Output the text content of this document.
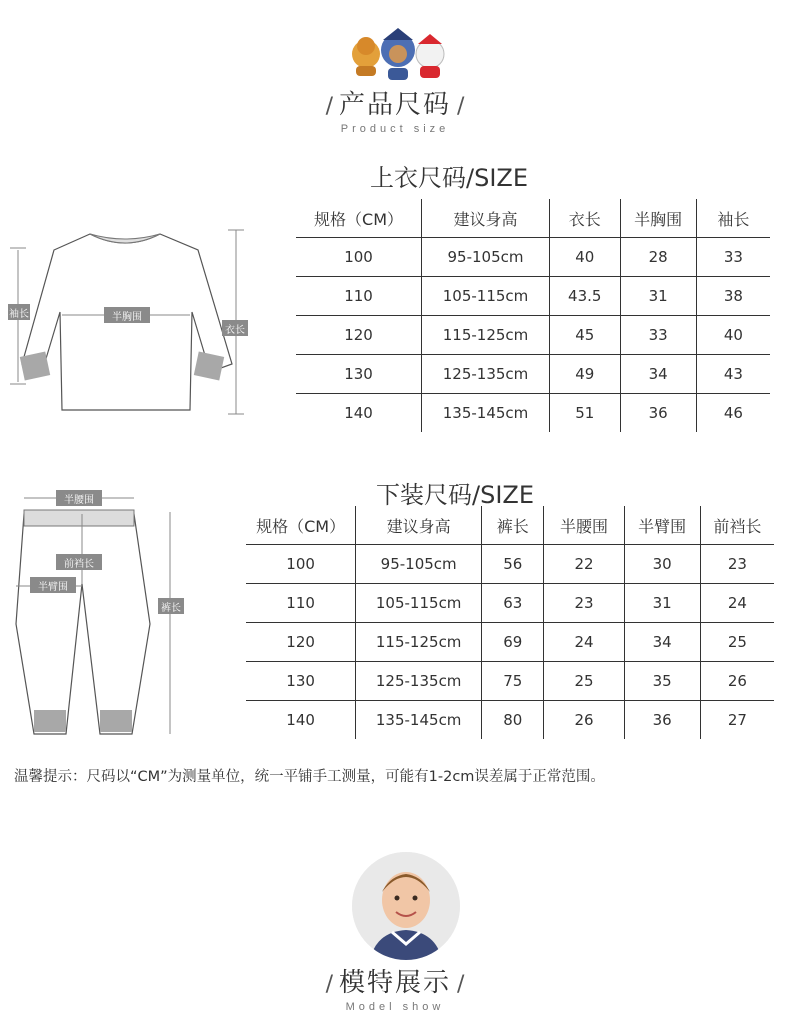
/ 产品尺码 /
Product size
上衣尺码/SIZE
袖长	半胸围
衣长
规格（CM）	建议身高	衣长	半胸围	袖长
100	95-105cm	40	28	33
110	105-115cm	43.5	31	38
120	115-125cm	45	33	40
130	125-135cm	49	34	43
140	135-145cm	51	36	46
下装尺码/SIZE
半腰围
前裆长
半臂围
裤长
规格（CM）	建议身高	裤长	半腰围	半臂围	前裆长
100	95-105cm	56	22	30	23
110	105-115cm	63	23	31	24
120	115-125cm	69	24	34	25
130	125-135cm	75	25	35	26
140	135-145cm	80	26	36	27
温馨提示：尺码以“CM”为测量单位，统一平铺手工测量，可能有1-2cm误差属于正常范围。
/ 模特展示 /
Model show
